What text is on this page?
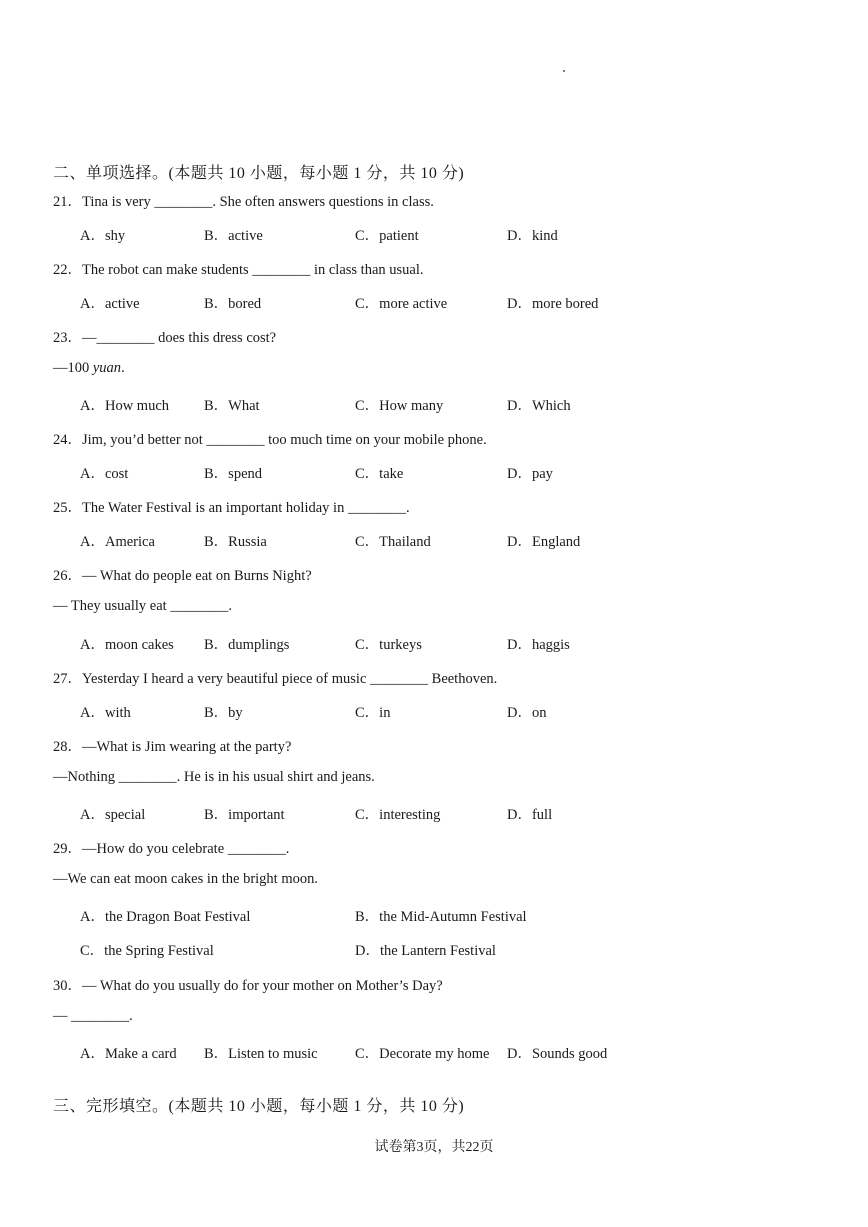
二、单项选择。(本题共 10 小题，每小题 1 分，共 10 分)
21．Tina is very ________. She often answers questions in class.
A．shy	B．active	C．patient	D．kind
22．The robot can make students ________ in class than usual.
A．active	B．bored	C．more active	D．more bored
23．—________ does this dress cost?
—100 yuan.
A．How much B．What	C．How many	D．Which
24．Jim, you’d better not ________ too much time on your mobile phone.
A．cost	B．spend	C．take	D．pay
25．The Water Festival is an important holiday in ________.
A．America	B．Russia	C．Thailand	D．England
26．— What do people eat on Burns Night?
— They usually eat ________.
A．moon cakes B．dumplings	C．turkeys	D．haggis
27．Yesterday I heard a very beautiful piece of music ________ Beethoven.
A．with	B．by	C．in	D．on
28．—What is Jim wearing at the party?
—Nothing ________. He is in his usual shirt and jeans.
A．special	B．important	C．interesting	D．full
29．—How do you celebrate ________.
—We can eat moon cakes in the bright moon.
A．the Dragon Boat Festival	B．the Mid-Autumn Festival
C．the Spring Festival	D．the Lantern Festival
30．— What do you usually do for your mother on Mother’s Day?
— ________.
A．Make a card B．Listen to music	C．Decorate my home D．Sounds good
三、完形填空。(本题共 10 小题，每小题 1 分，共 10 分)
试卷第3页，共22页
